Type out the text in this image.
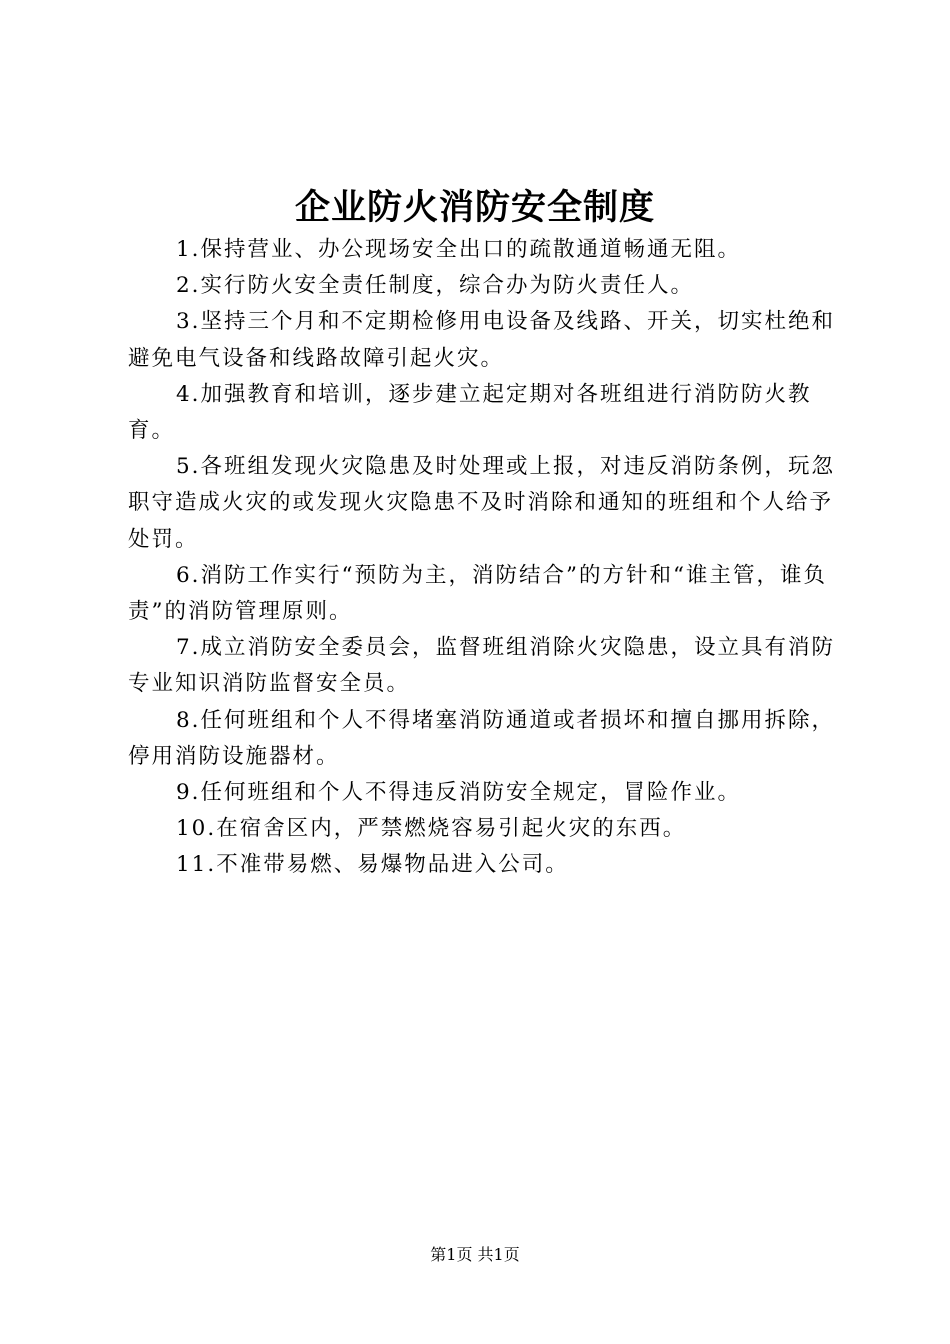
企业防火消防安全制度

1.保持营业、办公现场安全出口的疏散通道畅通无阻。

2.实行防火安全责任制度，综合办为防火责任人。

3.坚持三个月和不定期检修用电设备及线路、开关，切实杜绝和避免电气设备和线路故障引起火灾。

4.加强教育和培训，逐步建立起定期对各班组进行消防防火教育。

5.各班组发现火灾隐患及时处理或上报，对违反消防条例，玩忽职守造成火灾的或发现火灾隐患不及时消除和通知的班组和个人给予处罚。

6.消防工作实行“预防为主，消防结合”的方针和“谁主管，谁负责”的消防管理原则。

7.成立消防安全委员会，监督班组消除火灾隐患，设立具有消防专业知识消防监督安全员。

8.任何班组和个人不得堵塞消防通道或者损坏和擅自挪用拆除，停用消防设施器材。

9.任何班组和个人不得违反消防安全规定，冒险作业。

10.在宿舍区内，严禁燃烧容易引起火灾的东西。

11.不准带易燃、易爆物品进入公司。

第1页 共1页
